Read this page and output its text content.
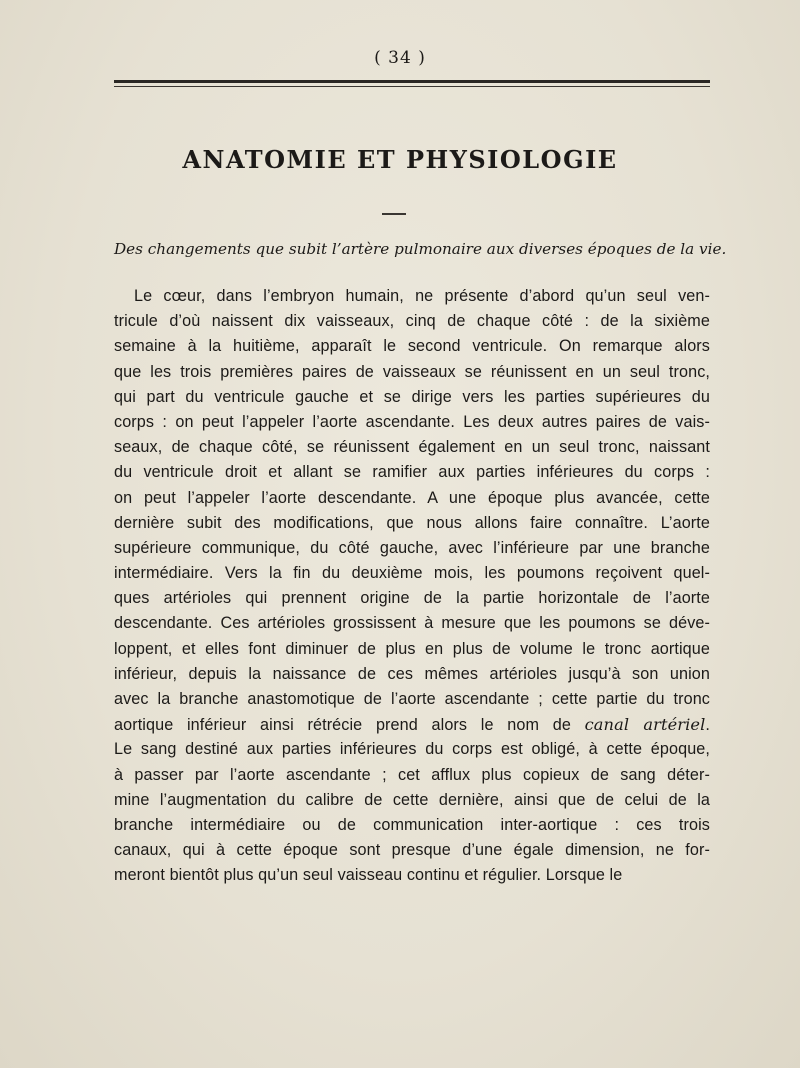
( 34 )
ANATOMIE ET PHYSIOLOGIE
Des changements que subit l’artère pulmonaire aux diverses époques de la vie.
Le cœur, dans l’embryon humain, ne présente d’abord qu’un seul ven-
tricule d’où naissent dix vaisseaux, cinq de chaque côté : de la sixième
semaine à la huitième, apparaît le second ventricule. On remarque alors
que les trois premières paires de vaisseaux se réunissent en un seul tronc,
qui part du ventricule gauche et se dirige vers les parties supérieures du
corps : on peut l’appeler l’aorte ascendante. Les deux autres paires de vais-
seaux, de chaque côté, se réunissent également en un seul tronc, naissant
du ventricule droit et allant se ramifier aux parties inférieures du corps :
on peut l’appeler l’aorte descendante. A une époque plus avancée, cette
dernière subit des modifications, que nous allons faire connaître. L’aorte
supérieure communique, du côté gauche, avec l’inférieure par une branche
intermédiaire. Vers la fin du deuxième mois, les poumons reçoivent quel-
ques artérioles qui prennent origine de la partie horizontale de l’aorte
descendante. Ces artérioles grossissent à mesure que les poumons se déve-
loppent, et elles font diminuer de plus en plus de volume le tronc aortique
inférieur, depuis la naissance de ces mêmes artérioles jusqu’à son union
avec la branche anastomotique de l’aorte ascendante ; cette partie du tronc
aortique inférieur ainsi rétrécie prend alors le nom de canal artériel.
Le sang destiné aux parties inférieures du corps est obligé, à cette époque,
à passer par l’aorte ascendante ; cet afflux plus copieux de sang déter-
mine l’augmentation du calibre de cette dernière, ainsi que de celui de la
branche intermédiaire ou de communication inter-aortique : ces trois
canaux, qui à cette époque sont presque d’une égale dimension, ne for-
meront bientôt plus qu’un seul vaisseau continu et régulier. Lorsque le
